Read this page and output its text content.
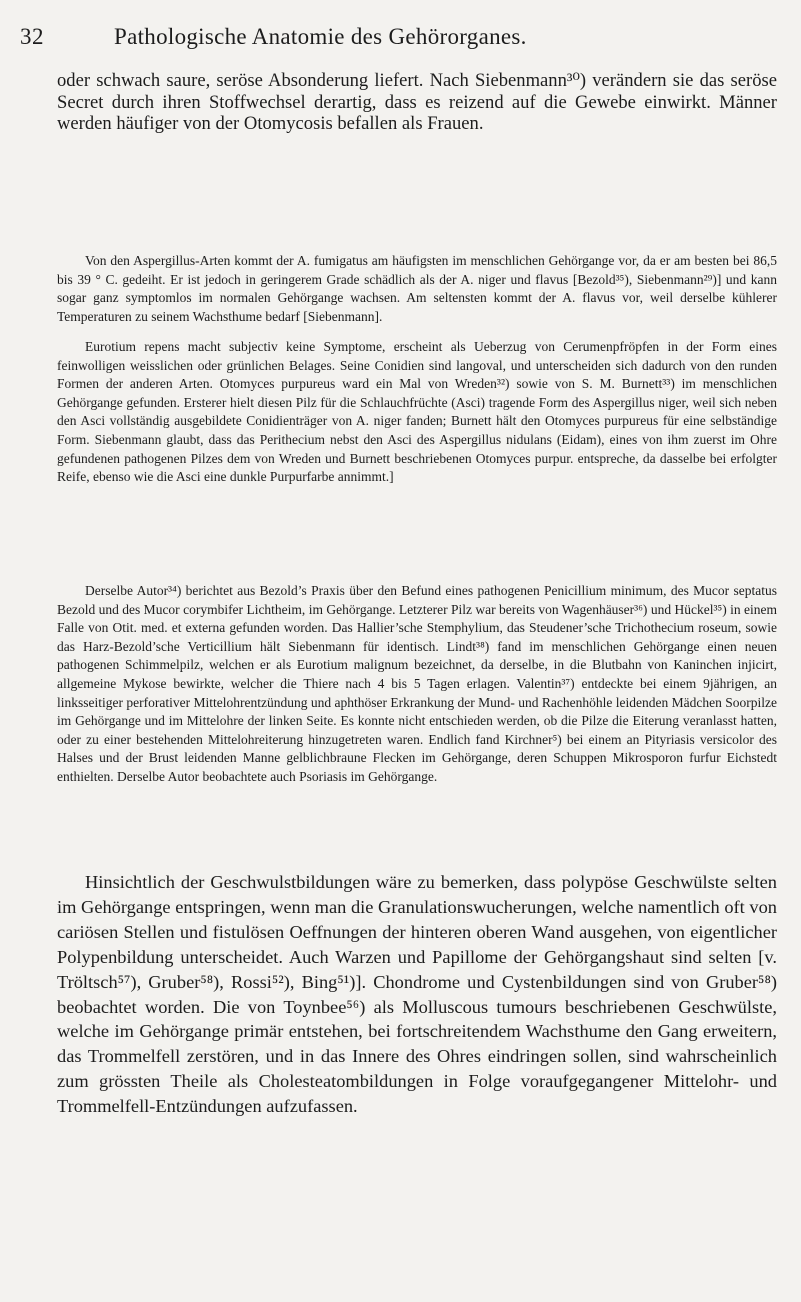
32	Pathologische Anatomie des Gehörorganes.

oder schwach saure, seröse Absonderung liefert. Nach Siebenmann³⁰) verändern sie das seröse Secret durch ihren Stoffwechsel derartig, dass es reizend auf die Gewebe einwirkt. Männer werden häufiger von der Otomycosis befallen als Frauen.

Von den Aspergillus-Arten kommt der A. fumigatus am häufigsten im menschlichen Gehörgange vor, da er am besten bei 86,5 bis 39 ° C. gedeiht. Er ist jedoch in geringerem Grade schädlich als der A. niger und flavus [Bezold³⁵), Siebenmann²⁹)] und kann sogar ganz symptomlos im normalen Gehörgange wachsen. Am seltensten kommt der A. flavus vor, weil derselbe kühlerer Temperaturen zu seinem Wachsthume bedarf [Siebenmann].

Eurotium repens macht subjectiv keine Symptome, erscheint als Ueberzug von Cerumenpfröpfen in der Form eines feinwolligen weisslichen oder grünlichen Belages. Seine Conidien sind langoval, und unterscheiden sich dadurch von den runden Formen der anderen Arten. Otomyces purpureus ward ein Mal von Wreden³²) sowie von S. M. Burnett³³) im menschlichen Gehörgange gefunden. Ersterer hielt diesen Pilz für die Schlauchfrüchte (Asci) tragende Form des Aspergillus niger, weil sich neben den Asci vollständig ausgebildete Conidienträger von A. niger fanden; Burnett hält den Otomyces purpureus für eine selbständige Form. Siebenmann glaubt, dass das Perithecium nebst den Asci des Aspergillus nidulans (Eidam), eines von ihm zuerst im Ohre gefundenen pathogenen Pilzes dem von Wreden und Burnett beschriebenen Otomyces purpur. entspreche, da dasselbe bei erfolgter Reife, ebenso wie die Asci eine dunkle Purpurfarbe annimmt.]

Derselbe Autor³⁴) berichtet aus Bezold’s Praxis über den Befund eines pathogenen Penicillium minimum, des Mucor septatus Bezold und des Mucor corymbifer Lichtheim, im Gehörgange. Letzterer Pilz war bereits von Wagenhäuser³⁶) und Hückel³⁵) in einem Falle von Otit. med. et externa gefunden worden. Das Hallier’sche Stemphylium, das Steudener’sche Trichothecium roseum, sowie das Harz-Bezold’sche Verticillium hält Siebenmann für identisch. Lindt³⁸) fand im menschlichen Gehörgange einen neuen pathogenen Schimmelpilz, welchen er als Eurotium malignum bezeichnet, da derselbe, in die Blutbahn von Kaninchen injicirt, allgemeine Mykose bewirkte, welcher die Thiere nach 4 bis 5 Tagen erlagen. Valentin³⁷) entdeckte bei einem 9jährigen, an linksseitiger perforativer Mittelohrentzündung und aphthöser Erkrankung der Mund- und Rachenhöhle leidenden Mädchen Soorpilze im Gehörgange und im Mittelohre der linken Seite. Es konnte nicht entschieden werden, ob die Pilze die Eiterung veranlasst hatten, oder zu einer bestehenden Mittelohreiterung hinzugetreten waren. Endlich fand Kirchner⁵) bei einem an Pityriasis versicolor des Halses und der Brust leidenden Manne gelblichbraune Flecken im Gehörgange, deren Schuppen Mikrosporon furfur Eichstedt enthielten. Derselbe Autor beobachtete auch Psoriasis im Gehörgange.

Hinsichtlich der Geschwulstbildungen wäre zu bemerken, dass polypöse Geschwülste selten im Gehörgange entspringen, wenn man die Granulationswucherungen, welche namentlich oft von cariösen Stellen und fistulösen Oeffnungen der hinteren oberen Wand ausgehen, von eigentlicher Polypenbildung unterscheidet. Auch Warzen und Papillome der Gehörgangshaut sind selten [v. Tröltsch⁵⁷), Gruber⁵⁸), Rossi⁵²), Bing⁵¹)]. Chondrome und Cystenbildungen sind von Gruber⁵⁸) beobachtet worden. Die von Toynbee⁵⁶) als Molluscous tumours beschriebenen Geschwülste, welche im Gehörgange primär entstehen, bei fortschreitendem Wachsthume den Gang erweitern, das Trommelfell zerstören, und in das Innere des Ohres eindringen sollen, sind wahrscheinlich zum grössten Theile als Cholesteatombildungen in Folge voraufgegangener Mittelohr- und Trommelfell-Entzündungen aufzufassen.
